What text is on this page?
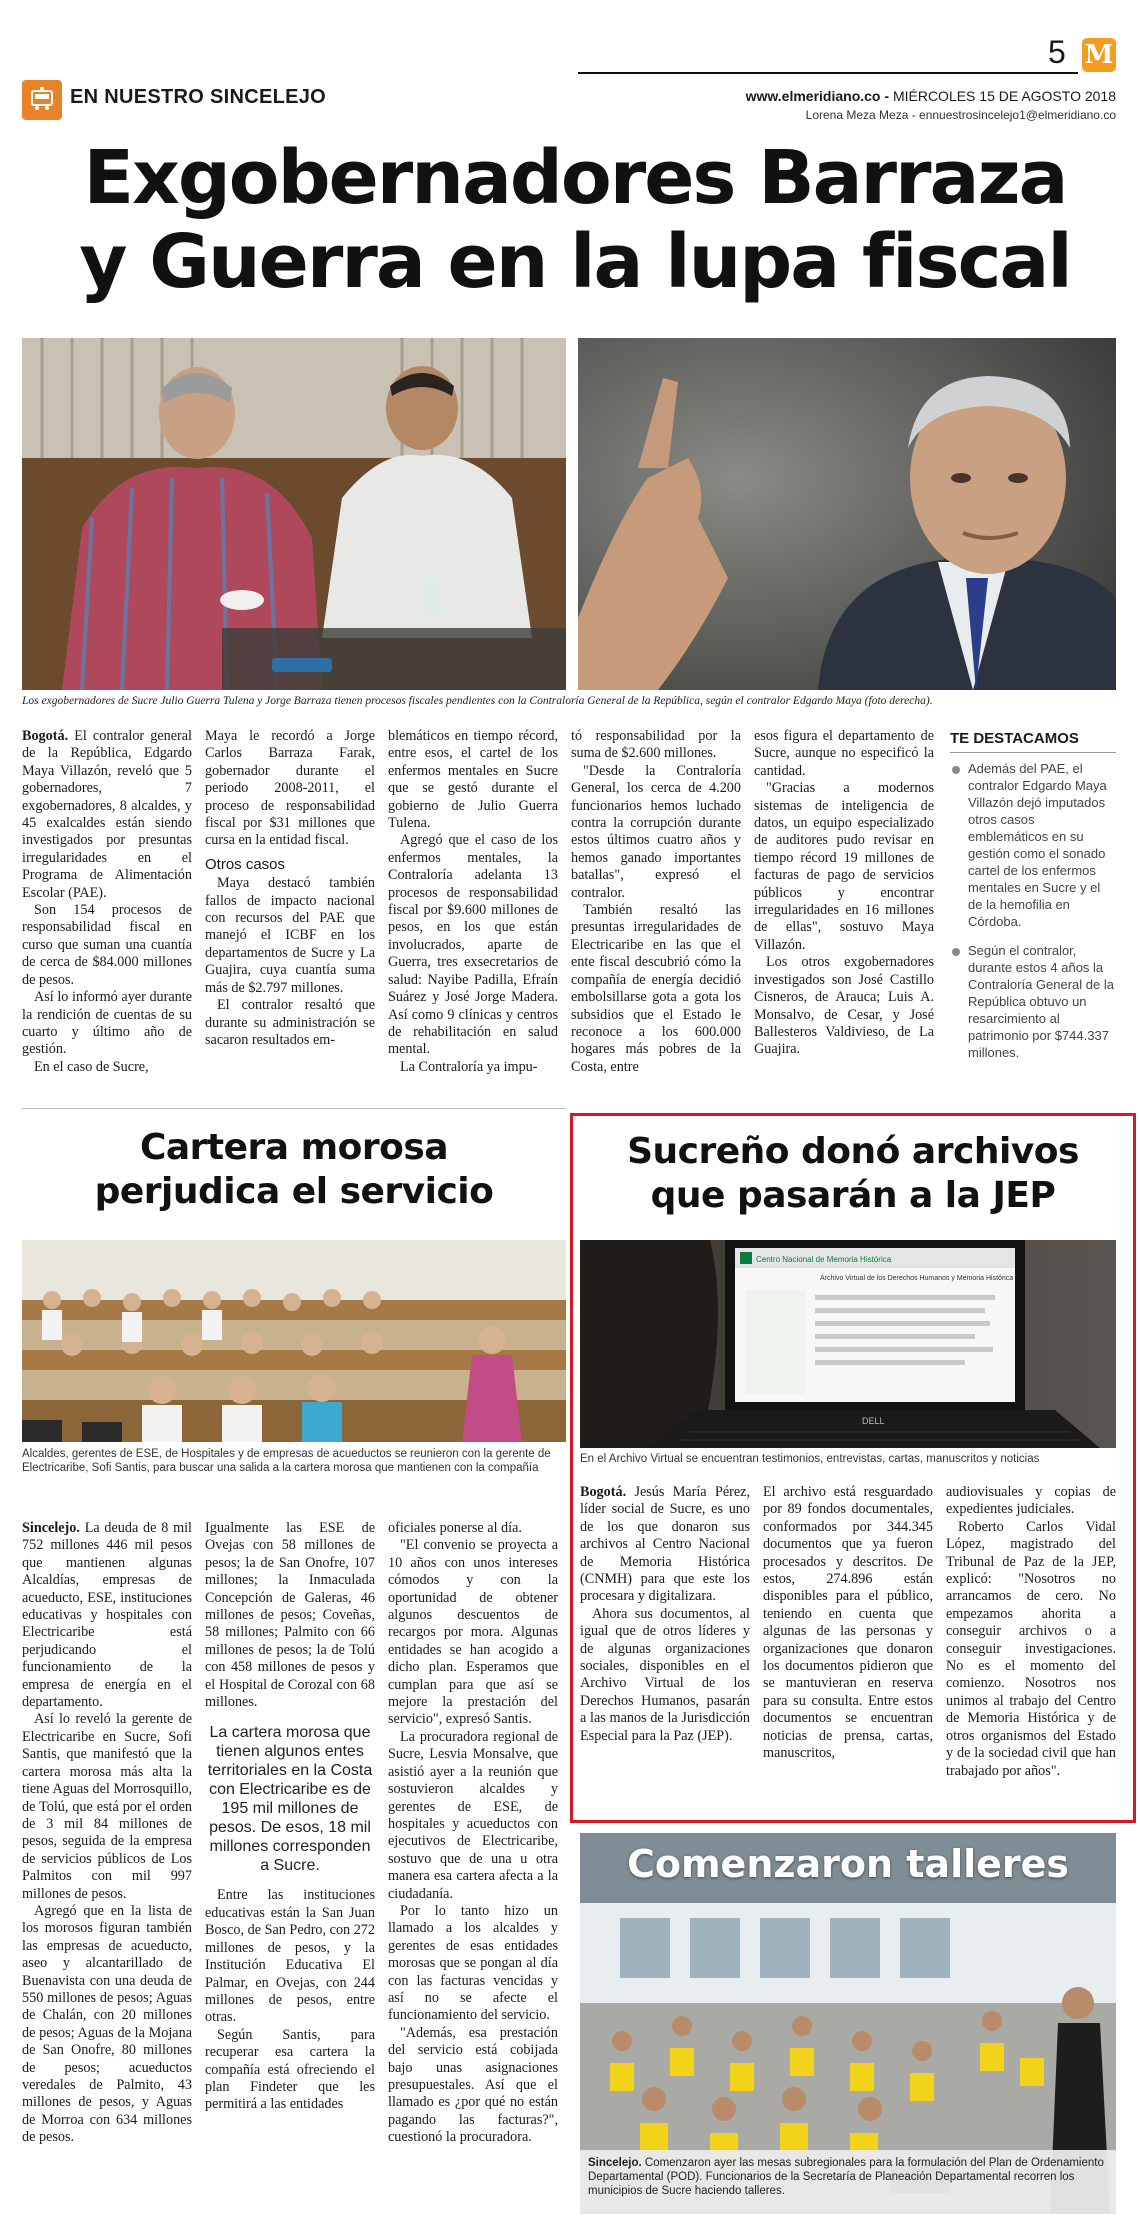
5 M
EN NUESTRO SINCELEJO	www.elmeridiano.co - MIÉRCOLES 15 DE AGOSTO 2018
Lorena Meza Meza - ennuestrosincelejo1@elmeridiano.co
Exgobernadores Barraza
y Guerra en la lupa fiscal
Los exgobernadores de Sucre Julio Guerra Tulena y Jorge Barraza tienen procesos fiscales pendientes con la Contraloría General de la República, según el contralor Edgardo Maya (foto derecha).

Bogotá. El contralor general de la República, Edgardo Maya Villazón, reveló que 5 gobernadores, 7 exgobernadores, 8 alcaldes, y 45 exalcaldes están siendo investigados por presuntas irregularidades en el Programa de Alimentación Escolar (PAE).

Son 154 procesos de responsabilidad fiscal en curso que suman una cuantía de cerca de $84.000 millones de pesos.

Así lo informó ayer durante la rendición de cuentas de su cuarto y último año de gestión.

En el caso de Sucre,

Maya le recordó a Jorge Carlos Barraza Farak, gobernador durante el periodo 2008-2011, el proceso de responsabilidad fiscal por $31 millones que cursa en la entidad fiscal.

Otros casos

Maya destacó también fallos de impacto nacional con recursos del PAE que manejó el ICBF en los departamentos de Sucre y La Guajira, cuya cuantía suma más de $2.797 millones.

El contralor resaltó que durante su administración se sacaron resultados em-

blemáticos en tiempo récord, entre esos, el cartel de los enfermos mentales en Sucre que se gestó durante el gobierno de Julio Guerra Tulena.

Agregó que el caso de los enfermos mentales, la Contraloría adelanta 13 procesos de responsabilidad fiscal por $9.600 millones de pesos, en los que están involucrados, aparte de Guerra, tres exsecretarios de salud: Nayibe Padilla, Efraín Suárez y José Jorge Madera. Así como 9 clínicas y centros de rehabilitación en salud mental.

La Contraloría ya impu-

tó responsabilidad por la suma de $2.600 millones.

"Desde la Contraloría General, los cerca de 4.200 funcionarios hemos luchado contra la corrupción durante estos últimos cuatro años y hemos ganado importantes batallas", expresó el contralor.

También resaltó las presuntas irregularidades de Electricaribe en las que el ente fiscal descubrió cómo la compañía de energía decidió embolsillarse gota a gota los subsidios que el Estado le reconoce a los 600.000 hogares más pobres de la Costa, entre

esos figura el departamento de Sucre, aunque no especificó la cantidad.

"Gracias a modernos sistemas de inteligencia de datos, un equipo especializado de auditores pudo revisar en tiempo récord 19 millones de facturas de pago de servicios públicos y encontrar irregularidades en 16 millones de ellas", sostuvo Maya Villazón.

Los otros exgobernadores investigados son José Castillo Cisneros, de Arauca; Luis A. Monsalvo, de Cesar, y José Ballesteros Valdivieso, de La Guajira.

TE DESTACAMOS
Además del PAE, el contralor Edgardo Maya Villazón dejó imputados otros casos emblemáticos en su gestión como el sonado cartel de los enfermos mentales en Sucre y el de la hemofilia en Córdoba.
Según el contralor, durante estos 4 años la Contraloría General de la República obtuvo un resarcimiento al patrimonio por $744.337 millones.
Cartera morosa
perjudica el servicio
Alcaldes, gerentes de ESE, de Hospitales y de empresas de acueductos se reunieron con la gerente de Electricaribe, Sofi Santis, para buscar una salida a la cartera morosa que mantienen con la compañía

Sincelejo. La deuda de 8 mil 752 millones 446 mil pesos que mantienen algunas Alcaldías, empresas de acueducto, ESE, instituciones educativas y hospitales con Electricaribe está perjudicando el funcionamiento de la empresa de energía en el departamento.

Así lo reveló la gerente de Electricaribe en Sucre, Sofi Santis, que manifestó que la cartera morosa más alta la tiene Aguas del Morrosquillo, de Tolú, que está por el orden de 3 mil 84 millones de pesos, seguida de la empresa de servicios públicos de Los Palmitos con mil 997 millones de pesos.

Agregó que en la lista de los morosos figuran también las empresas de acueducto, aseo y alcantarillado de Buenavista con una deuda de 550 millones de pesos; Aguas de Chalán, con 20 millones de pesos; Aguas de la Mojana de San Onofre, 80 millones de pesos; acueductos veredales de Palmito, 43 millones de pesos, y Aguas de Morroa con 634 millones de pesos.

Igualmente las ESE de Ovejas con 58 millones de pesos; la de San Onofre, 107 millones; la Inmaculada Concepción de Galeras, 46 millones de pesos; Coveñas, 58 millones; Palmito con 66 millones de pesos; la de Tolú con 458 millones de pesos y el Hospital de Corozal con 68 millones.

La cartera morosa que tienen algunos entes territoriales en la Costa con Electricaribe es de 195 mil millones de pesos. De esos, 18 mil millones corresponden a Sucre.

Entre las instituciones educativas están la San Juan Bosco, de San Pedro, con 272 millones de pesos, y la Institución Educativa El Palmar, en Ovejas, con 244 millones de pesos, entre otras.

Según Santis, para recuperar esa cartera la compañía está ofreciendo el plan Findeter que les permitirá a las entidades

oficiales ponerse al día.

"El convenio se proyecta a 10 años con unos intereses cómodos y con la oportunidad de obtener algunos descuentos de recargos por mora. Algunas entidades se han acogido a dicho plan. Esperamos que cumplan para que así se mejore la prestación del servicio", expresó Santis.

La procuradora regional de Sucre, Lesvia Monsalve, que asistió ayer a la reunión que sostuvieron alcaldes y gerentes de ESE, de hospitales y acueductos con ejecutivos de Electricaribe, sostuvo que de una u otra manera esa cartera afecta a la ciudadanía.

Por lo tanto hizo un llamado a los alcaldes y gerentes de esas entidades morosas que se pongan al día con las facturas vencidas y así no se afecte el funcionamiento del servicio.

"Además, esa prestación del servicio está cobijada bajo unas asignaciones presupuestales. Así que el llamado es ¿por qué no están pagando las facturas?", cuestionó la procuradora.

Sucreño donó archivos
que pasarán a la JEP
Centro Nacional de Memoria Histórica
Archivo Virtual de los Derechos Humanos y Memoria Histórica
DELL
En el Archivo Virtual se encuentran testimonios, entrevistas, cartas, manuscritos y noticias

Bogotá. Jesús María Pérez, líder social de Sucre, es uno de los que donaron sus archivos al Centro Nacional de Memoria Histórica (CNMH) para que este los procesara y digitalizara.

Ahora sus documentos, al igual que de otros líderes y de algunas organizaciones sociales, disponibles en el Archivo Virtual de los Derechos Humanos, pasarán a las manos de la Jurisdicción Especial para la Paz (JEP).

El archivo está resguardado por 89 fondos documentales, conformados por 344.345 documentos que ya fueron procesados y descritos. De estos, 274.896 están disponibles para el público, teniendo en cuenta que algunas de las personas y organizaciones que donaron los documentos pidieron que se mantuvieran en reserva para su consulta. Entre estos documentos se encuentran noticias de prensa, cartas, manuscritos,

audiovisuales y copias de expedientes judiciales.

Roberto Carlos Vidal López, magistrado del Tribunal de Paz de la JEP, explicó: "Nosotros no arrancamos de cero. No empezamos ahorita a conseguir archivos o a conseguir investigaciones. No es el momento del comienzo. Nosotros nos unimos al trabajo del Centro de Memoria Histórica y de otros organismos del Estado y de la sociedad civil que han trabajado por años".

Comenzaron talleres
Sincelejo. Comenzaron ayer las mesas subregionales para la formulación del Plan de Ordenamiento Departamental (POD). Funcionarios de la Secretaría de Planeación Departamental recorren los municipios de Sucre haciendo talleres.
